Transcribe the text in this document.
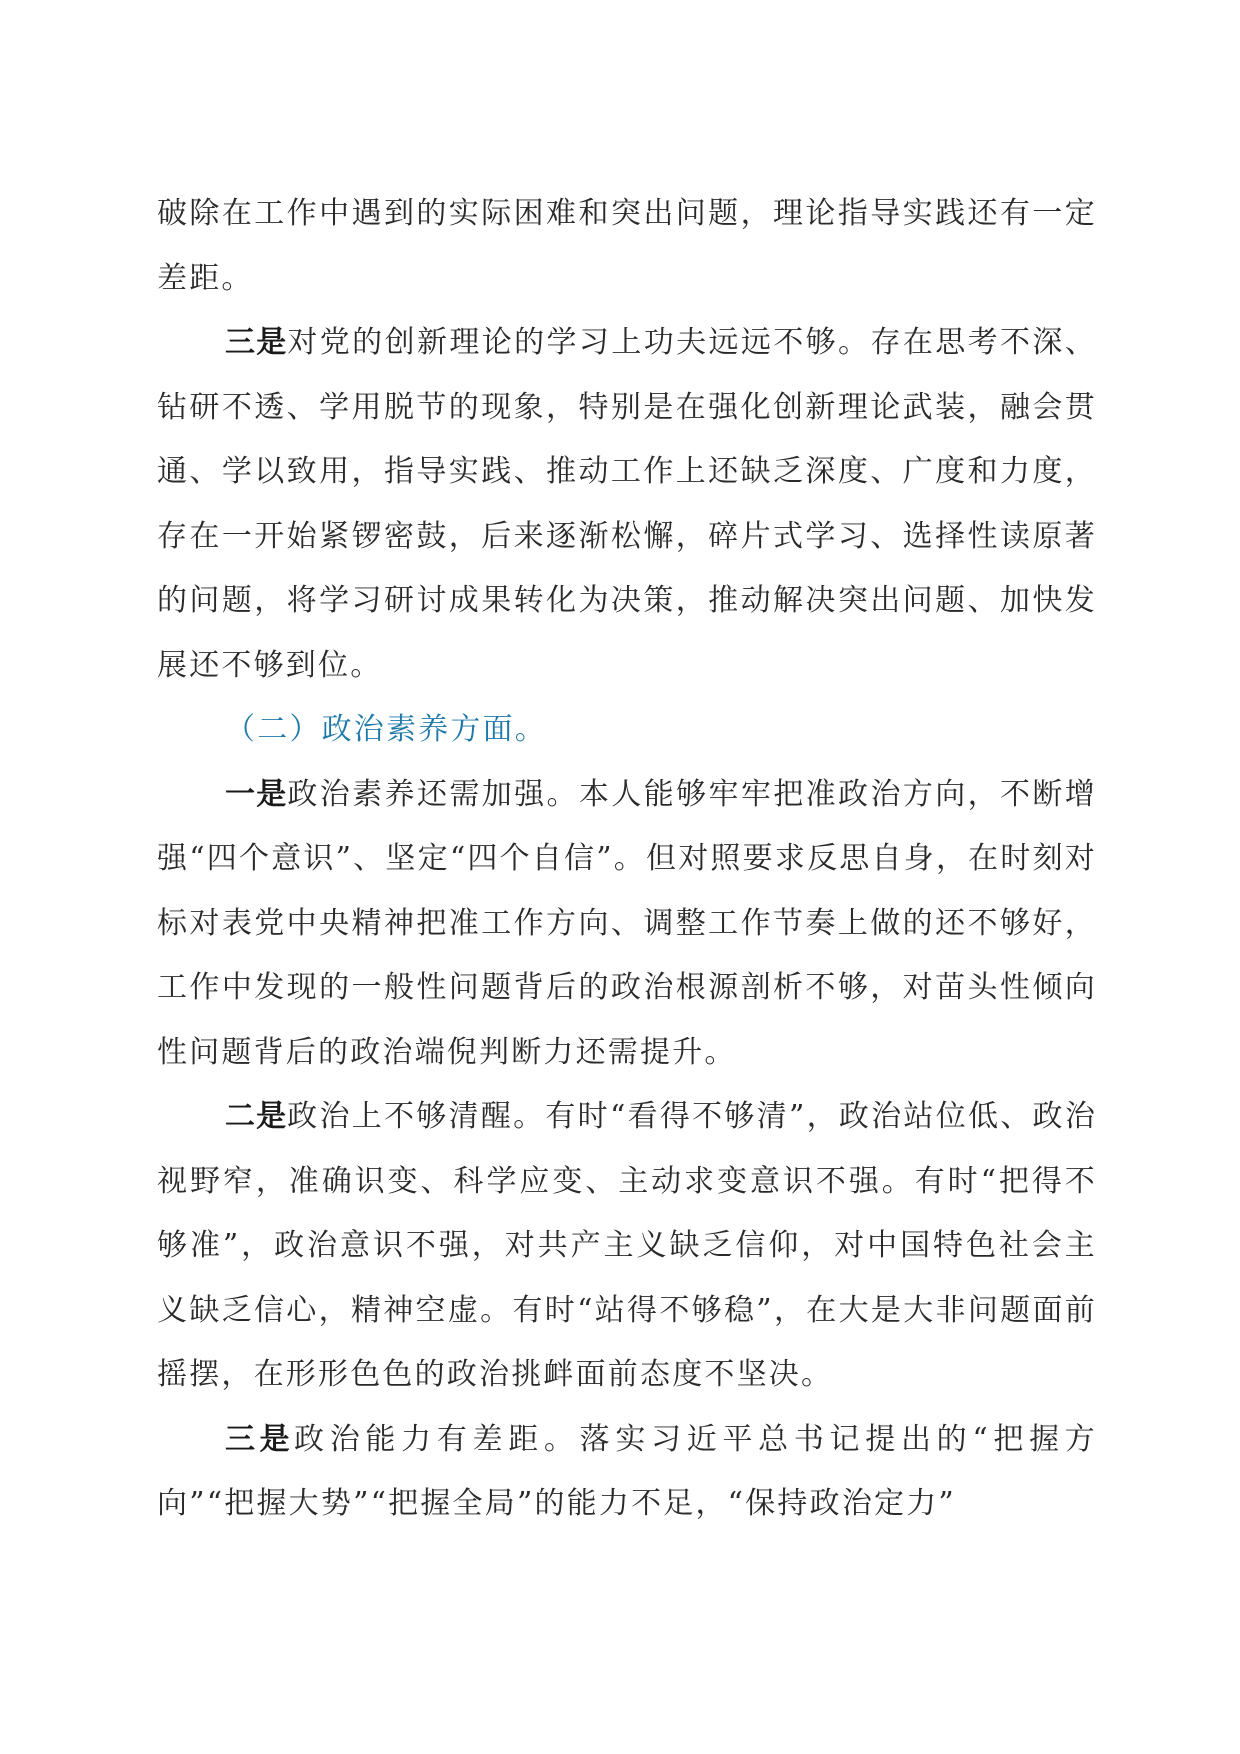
破除在工作中遇到的实际困难和突出问题，理论指导实践还有一定差距。

三是对党的创新理论的学习上功夫远远不够。存在思考不深、钻研不透、学用脱节的现象，特别是在强化创新理论武装，融会贯通、学以致用，指导实践、推动工作上还缺乏深度、广度和力度，存在一开始紧锣密鼓，后来逐渐松懈，碎片式学习、选择性读原著的问题，将学习研讨成果转化为决策，推动解决突出问题、加快发展还不够到位。

（二）政治素养方面。

一是政治素养还需加强。本人能够牢牢把准政治方向，不断增强“四个意识”、坚定“四个自信”。但对照要求反思自身，在时刻对标对表党中央精神把准工作方向、调整工作节奏上做的还不够好，工作中发现的一般性问题背后的政治根源剖析不够，对苗头性倾向性问题背后的政治端倪判断力还需提升。

二是政治上不够清醒。有时“看得不够清”，政治站位低、政治视野窄，准确识变、科学应变、主动求变意识不强。有时“把得不够准”，政治意识不强，对共产主义缺乏信仰，对中国特色社会主义缺乏信心，精神空虚。有时“站得不够稳”，在大是大非问题面前摇摆，在形形色色的政治挑衅面前态度不坚决。

三是政治能力有差距。落实习近平总书记提出的“把握方向”“把握大势”“把握全局”的能力不足，“保持政治定力”
